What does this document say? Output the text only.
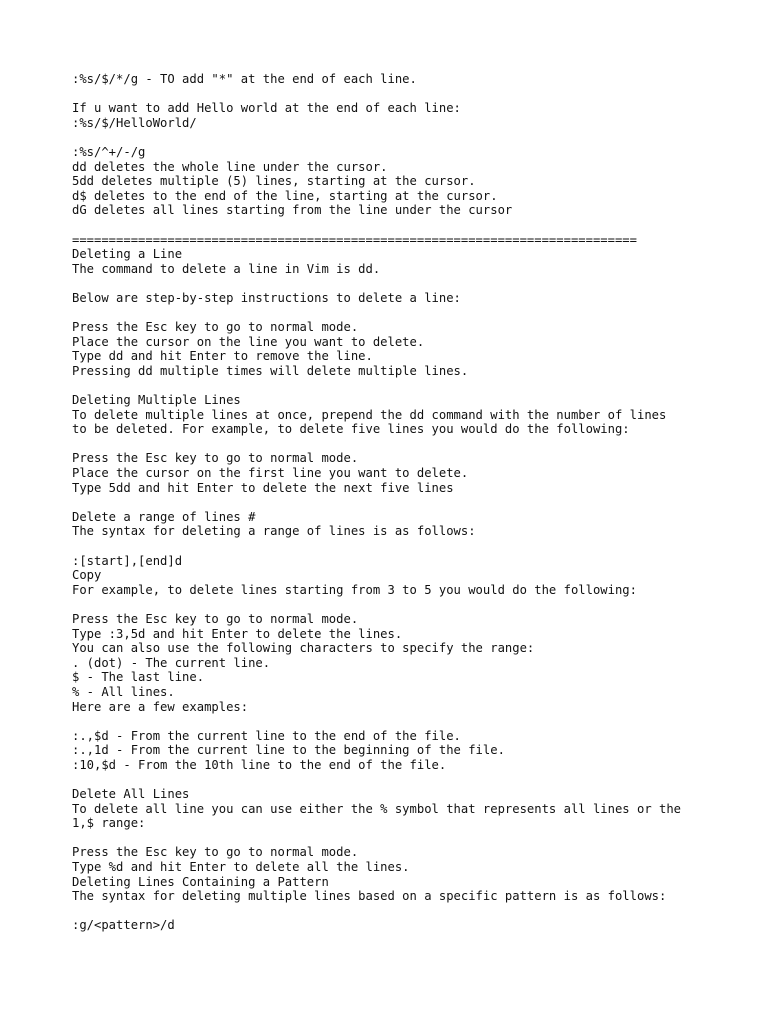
:%s/$/*/g - TO add "*" at the end of each line.
If u want to add Hello world at the end of each line:
:%s/$/HelloWorld/
:%s/^+/-/g
dd deletes the whole line under the cursor.
5dd deletes multiple (5) lines, starting at the cursor.
d$ deletes to the end of the line, starting at the cursor.
dG deletes all lines starting from the line under the cursor
=============================================================================
Deleting a Line
The command to delete a line in Vim is dd.
Below are step-by-step instructions to delete a line:
Press the Esc key to go to normal mode.
Place the cursor on the line you want to delete.
Type dd and hit Enter to remove the line.
Pressing dd multiple times will delete multiple lines.
Deleting Multiple Lines
To delete multiple lines at once, prepend the dd command with the number of lines
to be deleted. For example, to delete five lines you would do the following:
Press the Esc key to go to normal mode.
Place the cursor on the first line you want to delete.
Type 5dd and hit Enter to delete the next five lines
Delete a range of lines #
The syntax for deleting a range of lines is as follows:
:[start],[end]d
Copy
For example, to delete lines starting from 3 to 5 you would do the following:
Press the Esc key to go to normal mode.
Type :3,5d and hit Enter to delete the lines.
You can also use the following characters to specify the range:
. (dot) - The current line.
$ - The last line.
% - All lines.
Here are a few examples:
:.,$d - From the current line to the end of the file.
:.,1d - From the current line to the beginning of the file.
:10,$d - From the 10th line to the end of the file.
Delete All Lines
To delete all line you can use either the % symbol that represents all lines or the
1,$ range:
Press the Esc key to go to normal mode.
Type %d and hit Enter to delete all the lines.
Deleting Lines Containing a Pattern
The syntax for deleting multiple lines based on a specific pattern is as follows:
:g/<pattern>/d
